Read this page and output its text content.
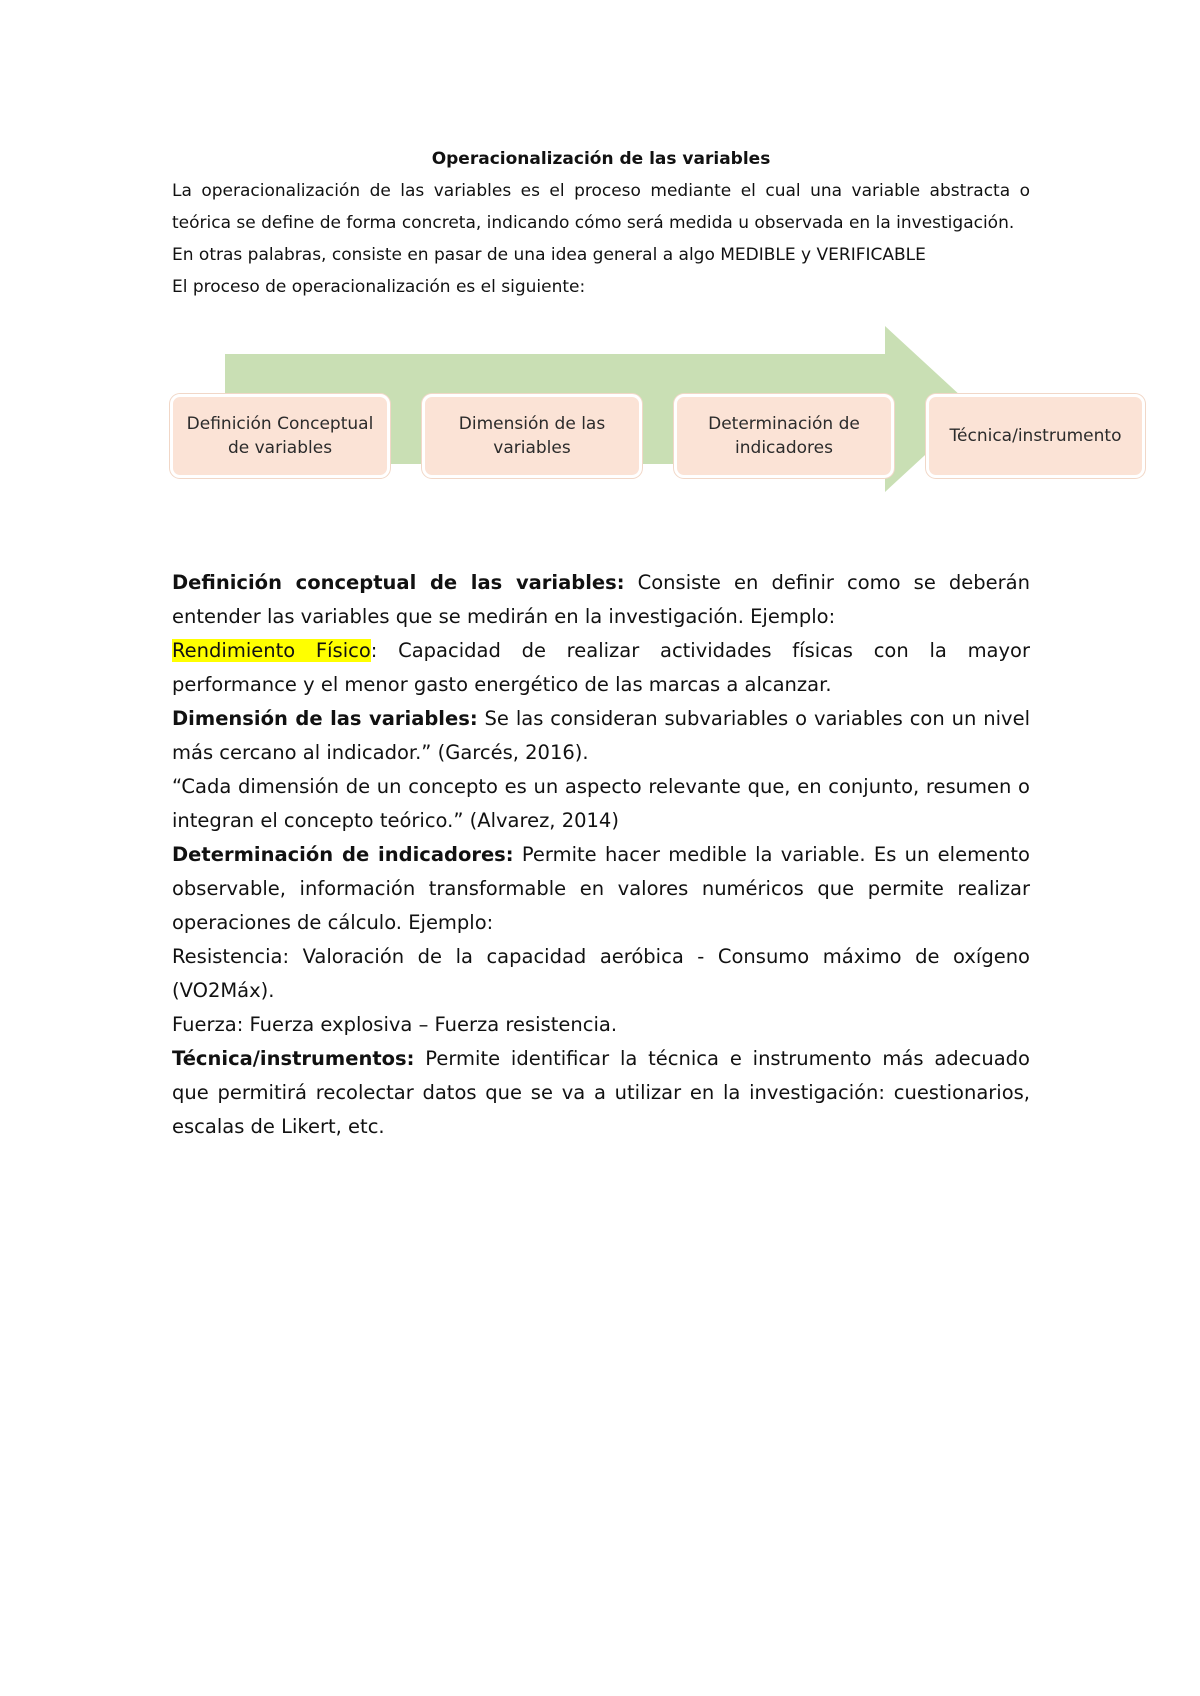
Operacionalización de las variables

La operacionalización de las variables es el proceso mediante el cual una variable abstracta o teórica se define de forma concreta, indicando cómo será medida u observada en la investigación.

En otras palabras, consiste en pasar de una idea general a algo MEDIBLE y VERIFICABLE

El proceso de operacionalización es el siguiente:

Definición Conceptual de variables
Dimensión de las variables
Determinación de indicadores
Técnica/instrumento

Definición conceptual de las variables: Consiste en definir como se deberán entender las variables que se medirán en la investigación. Ejemplo:

Rendimiento Físico: Capacidad de realizar actividades físicas con la mayor performance y el menor gasto energético de las marcas a alcanzar.

Dimensión de las variables: Se las consideran subvariables o variables con un nivel más cercano al indicador.” (Garcés, 2016).

“Cada dimensión de un concepto es un aspecto relevante que, en conjunto, resumen o integran el concepto teórico.” (Alvarez, 2014)

Determinación de indicadores: Permite hacer medible la variable. Es un elemento observable, información transformable en valores numéricos que permite realizar operaciones de cálculo. Ejemplo:

Resistencia: Valoración de la capacidad aeróbica - Consumo máximo de oxígeno (VO2Máx).

Fuerza: Fuerza explosiva – Fuerza resistencia.

Técnica/instrumentos: Permite identificar la técnica e instrumento más adecuado que permitirá recolectar datos que se va a utilizar en la investigación: cuestionarios, escalas de Likert, etc.
